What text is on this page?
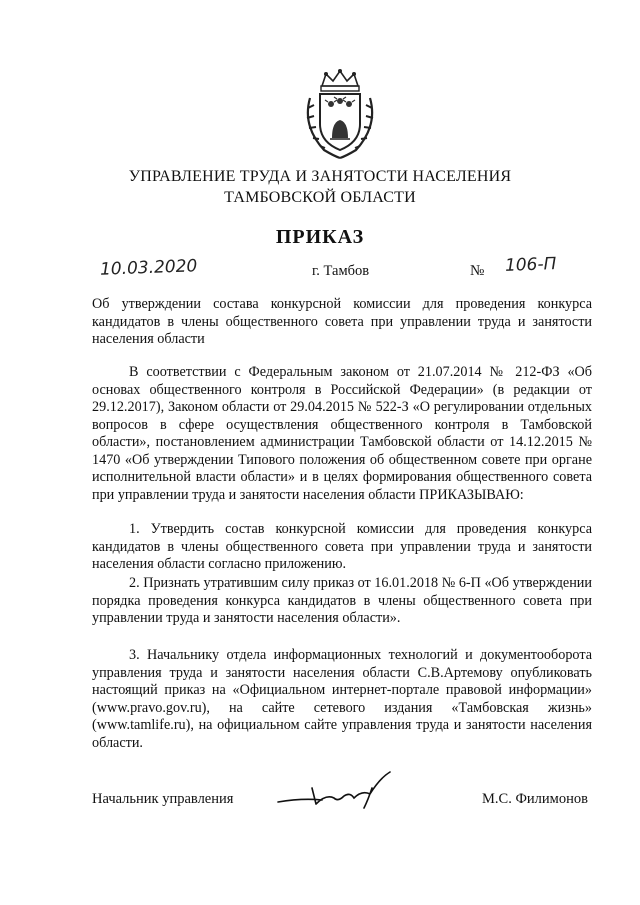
УПРАВЛЕНИЕ ТРУДА И ЗАНЯТОСТИ НАСЕЛЕНИЯ
ТАМБОВСКОЙ ОБЛАСТИ
ПРИКАЗ
10.03.2020	г. Тамбов	№ 106-П
Об утверждении состава конкурсной комиссии для проведения конкурса кандидатов в члены общественного совета при управлении труда и занятости населения области
В соответствии с Федеральным законом от 21.07.2014 № 212-ФЗ «Об основах общественного контроля в Российской Федерации» (в редакции от 29.12.2017), Законом области от 29.04.2015 № 522-З «О регулировании отдельных вопросов в сфере осуществления общественного контроля в Тамбовской области», постановлением администрации Тамбовской области от 14.12.2015 № 1470 «Об утверждении Типового положения об общественном совете при органе исполнительной власти области» и в целях формирования общественного совета при управлении труда и занятости населения области ПРИКАЗЫВАЮ:
1. Утвердить состав конкурсной комиссии для проведения конкурса кандидатов в члены общественного совета при управлении труда и занятости населения области согласно приложению.
2. Признать утратившим силу приказ от 16.01.2018 № 6-П «Об утверждении порядка проведения конкурса кандидатов в члены общественного совета при управлении труда и занятости населения области».
3. Начальнику отдела информационных технологий и документооборота управления труда и занятости населения области С.В.Артемову опубликовать настоящий приказ на «Официальном интернет-портале правовой информации» (www.pravo.gov.ru), на сайте сетевого издания «Тамбовская жизнь» (www.tamlife.ru), на официальном сайте управления труда и занятости населения области.
Начальник управления	М.С. Филимонов
